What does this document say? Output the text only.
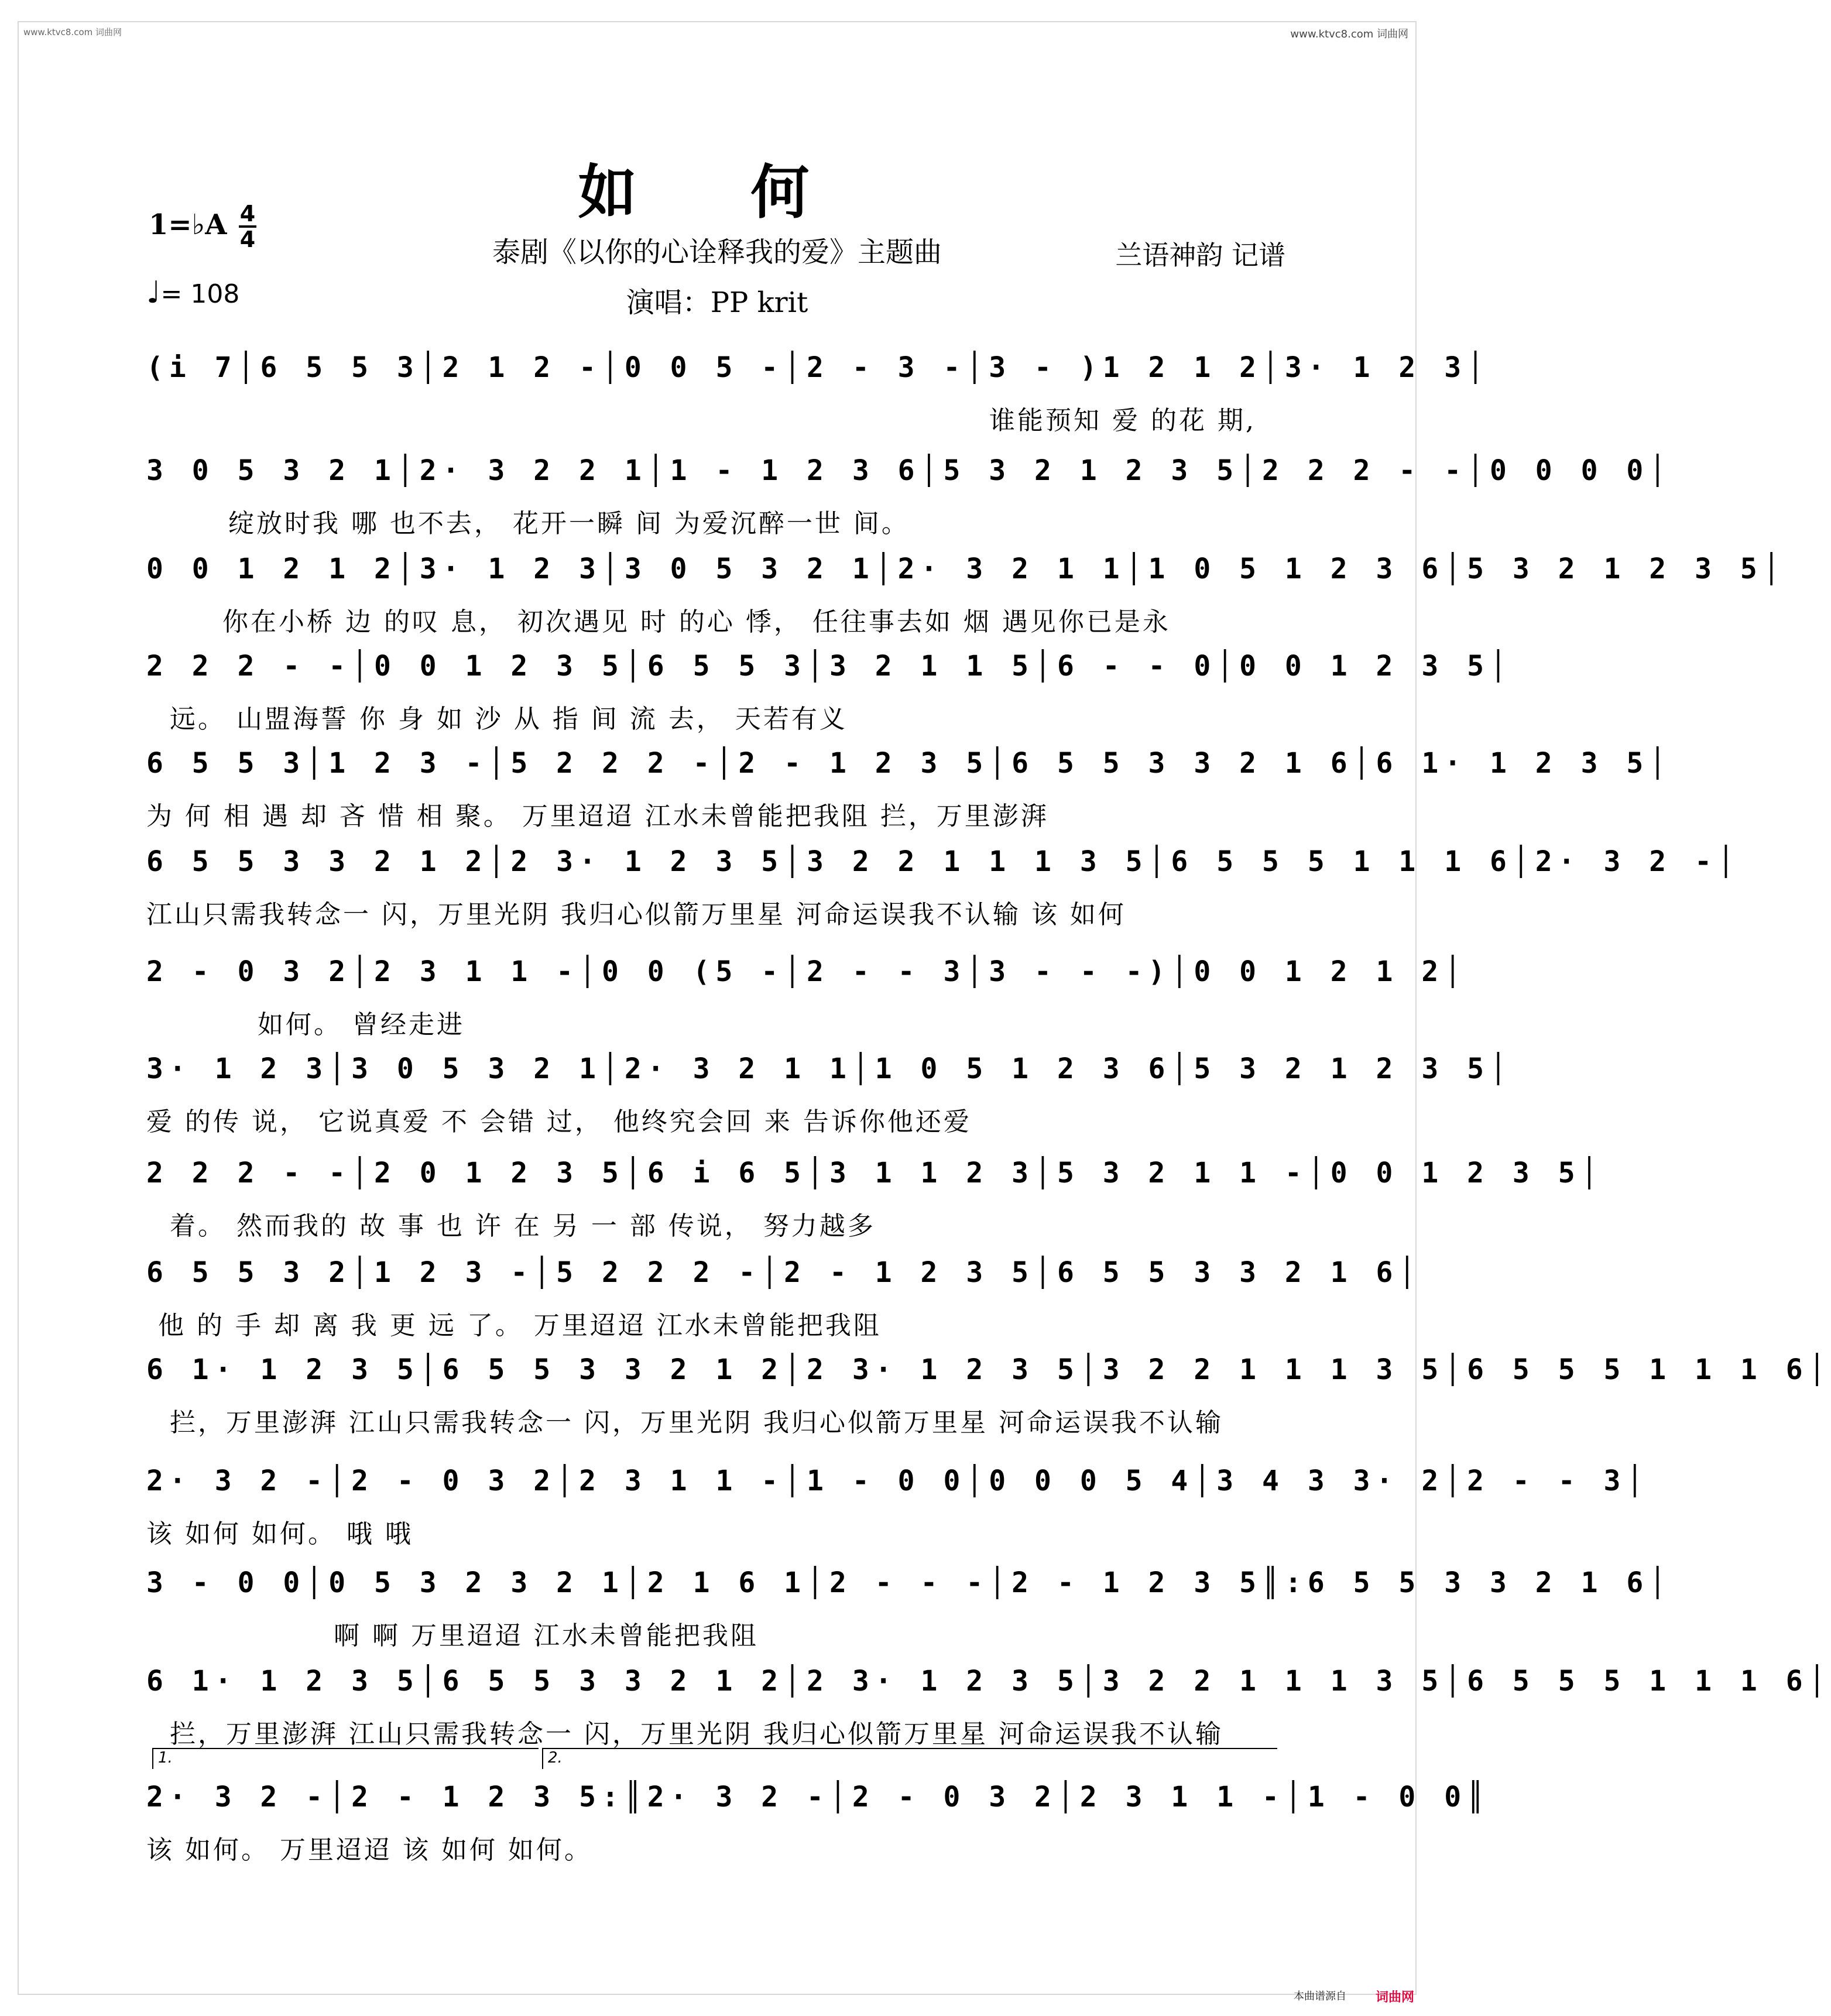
www.ktvc8.com 词曲网	www.ktvc8.com 词曲网
如 何
泰剧《以你的心诠释我的爱》主题曲
演唱：PP krit
1=♭A 4
4
♩= 108
兰语神韵 记谱
(i 7│6 5 5 3│2 1 2 -│0 0 5 -│2 - 3 -│3 - )1 2 1 2│3· 1 2 3│
谁能预知 爱 的花 期,
3 0 5 3 2 1│2· 3 2 2 1│1 - 1 2 3 6│5 3 2 1 2 3 5│2 2 2 - -│0 0 0 0│
绽放时我 哪 也不去， 花开一瞬 间 为爱沉醉一世 间。
0 0 1 2 1 2│3· 1 2 3│3 0 5 3 2 1│2· 3 2 1 1│1 0 5 1 2 3 6│5 3 2 1 2 3 5│
你在小桥 边 的叹 息， 初次遇见 时 的心 悸， 任往事去如 烟 遇见你已是永
2 2 2 - -│0 0 1 2 3 5│6 5 5 3│3 2 1 1 5│6 - - 0│0 0 1 2 3 5│
远。 山盟海誓 你 身 如 沙 从 指 间 流 去， 天若有义
6 5 5 3│1 2 3 -│5 2 2 2 -│2 - 1 2 3 5│6 5 5 3 3 2 1 6│6 1· 1 2 3 5│
为 何 相 遇 却 吝 惜 相 聚。 万里迢迢 江水未曾能把我阻 拦，万里澎湃
6 5 5 3 3 2 1 2│2 3· 1 2 3 5│3 2 2 1 1 1 3 5│6 5 5 5 1 1 1 6│2· 3 2 -│
江山只需我转念一 闪，万里光阴 我归心似箭万里星 河命运误我不认输 该 如何
2 - 0 3 2│2 3 1 1 -│0 0 (5 -│2 - - 3│3 - - -)│0 0 1 2 1 2│
如何。 曾经走进
3· 1 2 3│3 0 5 3 2 1│2· 3 2 1 1│1 0 5 1 2 3 6│5 3 2 1 2 3 5│
爱 的传 说， 它说真爱 不 会错 过， 他终究会回 来 告诉你他还爱
2 2 2 - -│2 0 1 2 3 5│6 i 6 5│3 1 1 2 3│5 3 2 1 1 -│0 0 1 2 3 5│
着。 然而我的 故 事 也 许 在 另 一 部 传说， 努力越多
6 5 5 3 2│1 2 3 -│5 2 2 2 -│2 - 1 2 3 5│6 5 5 3 3 2 1 6│
他 的 手 却 离 我 更 远 了。 万里迢迢 江水未曾能把我阻
6 1· 1 2 3 5│6 5 5 3 3 2 1 2│2 3· 1 2 3 5│3 2 2 1 1 1 3 5│6 5 5 5 1 1 1 6│
拦，万里澎湃 江山只需我转念一 闪，万里光阴 我归心似箭万里星 河命运误我不认输
2· 3 2 -│2 - 0 3 2│2 3 1 1 -│1 - 0 0│0 0 0 5 4│3 4 3 3· 2│2 - - 3│
该 如何 如何。 哦 哦
3 - 0 0│0 5 3 2 3 2 1│2 1 6 1│2 - - -│2 - 1 2 3 5║:6 5 5 3 3 2 1 6│
啊 啊 万里迢迢 江水未曾能把我阻
6 1· 1 2 3 5│6 5 5 3 3 2 1 2│2 3· 1 2 3 5│3 2 2 1 1 1 3 5│6 5 5 5 1 1 1 6│
拦，万里澎湃 江山只需我转念一 闪，万里光阴 我归心似箭万里星 河命运误我不认输
1.	2.
2· 3 2 -│2 - 1 2 3 5:║2· 3 2 -│2 - 0 3 2│2 3 1 1 -│1 - 0 0║
该 如何。 万里迢迢 该 如何 如何。
本曲谱源自 词曲网
